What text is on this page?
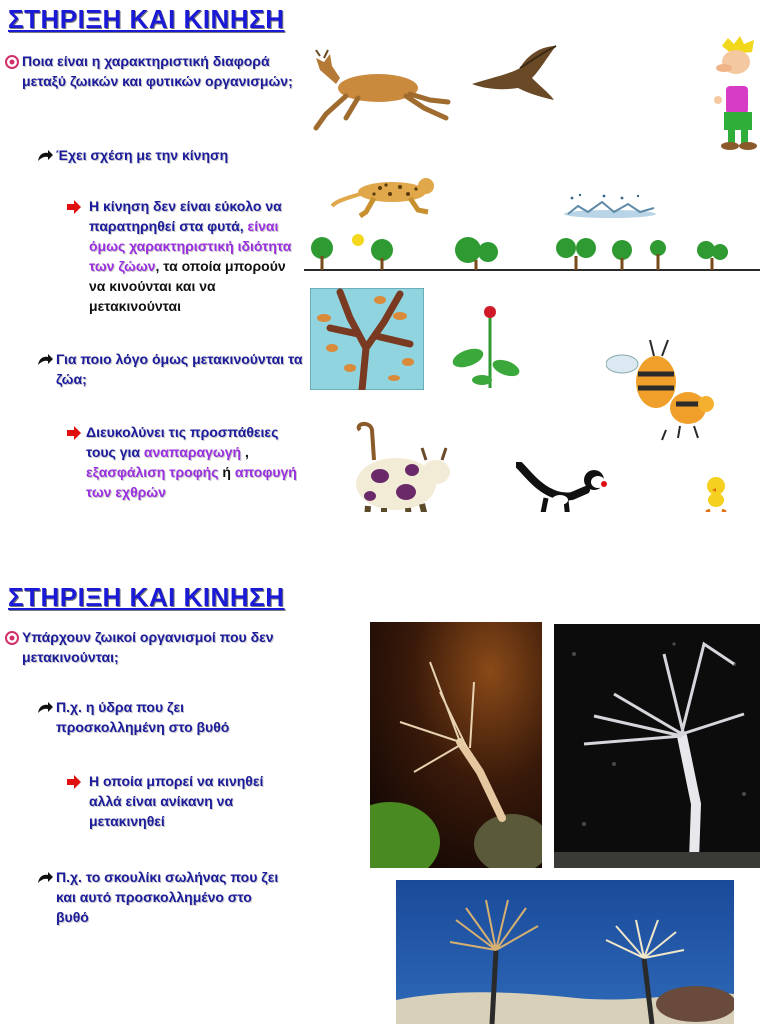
ΣΤΗΡΙΞΗ ΚΑΙ ΚΙΝΗΣΗ
Ποια είναι η χαρακτηριστική διαφορά μεταξύ ζωικών και φυτικών οργανισμών;
Έχει σχέση με την κίνηση
Η κίνηση δεν είναι εύκολο να παρατηρηθεί στα φυτά, είναι όμως χαρακτηριστική ιδιότητα των ζώων, τα οποία μπορούν να κινούνται και να μετακινούνται
Για ποιο λόγο όμως μετακινούνται τα ζώα;
Διευκολύνει τις προσπάθειες τους για αναπαραγωγή , εξασφάλιση τροφής ή αποφυγή των εχθρών
ΣΤΗΡΙΞΗ ΚΑΙ ΚΙΝΗΣΗ
Υπάρχουν ζωικοί οργανισμοί που δεν μετακινούνται;
Π.χ. η ύδρα που ζει προσκολλημένη στο βυθό
Η οποία μπορεί να κινηθεί αλλά είναι ανίκανη να μετακινηθεί
Π.χ. το σκουλίκι σωλήνας που ζει και αυτό προσκολλημένο στο βυθό
